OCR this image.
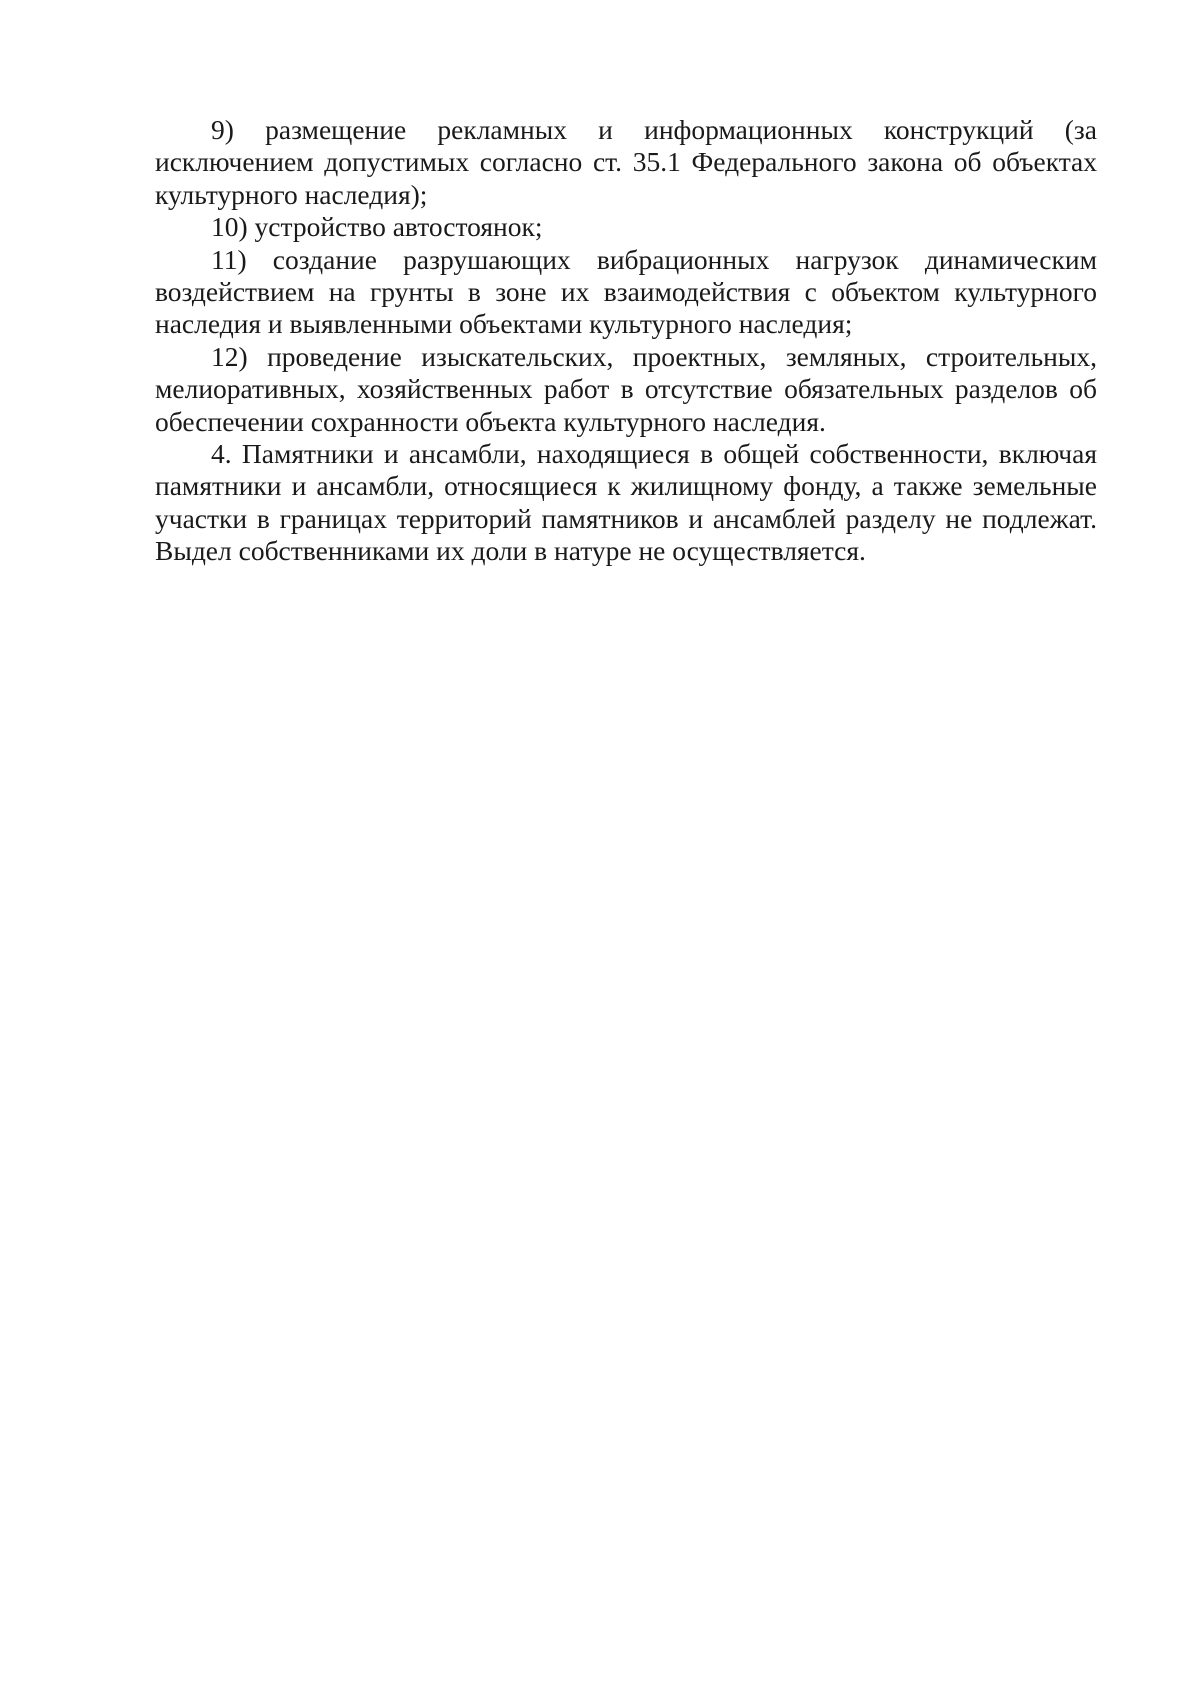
9) размещение рекламных и информационных конструкций (за исключением допустимых согласно ст. 35.1 Федерального закона об объектах культурного наследия);

10) устройство автостоянок;

11) создание разрушающих вибрационных нагрузок динамическим воздействием на грунты в зоне их взаимодействия с объектом культурного наследия и выявленными объектами культурного наследия;

12) проведение изыскательских, проектных, земляных, строительных, мелиоративных, хозяйственных работ в отсутствие обязательных разделов об обеспечении сохранности объекта культурного наследия.

4. Памятники и ансамбли, находящиеся в общей собственности, включая памятники и ансамбли, относящиеся к жилищному фонду, а также земельные участки в границах территорий памятников и ансамблей разделу не подлежат. Выдел собственниками их доли в натуре не осуществляется.
